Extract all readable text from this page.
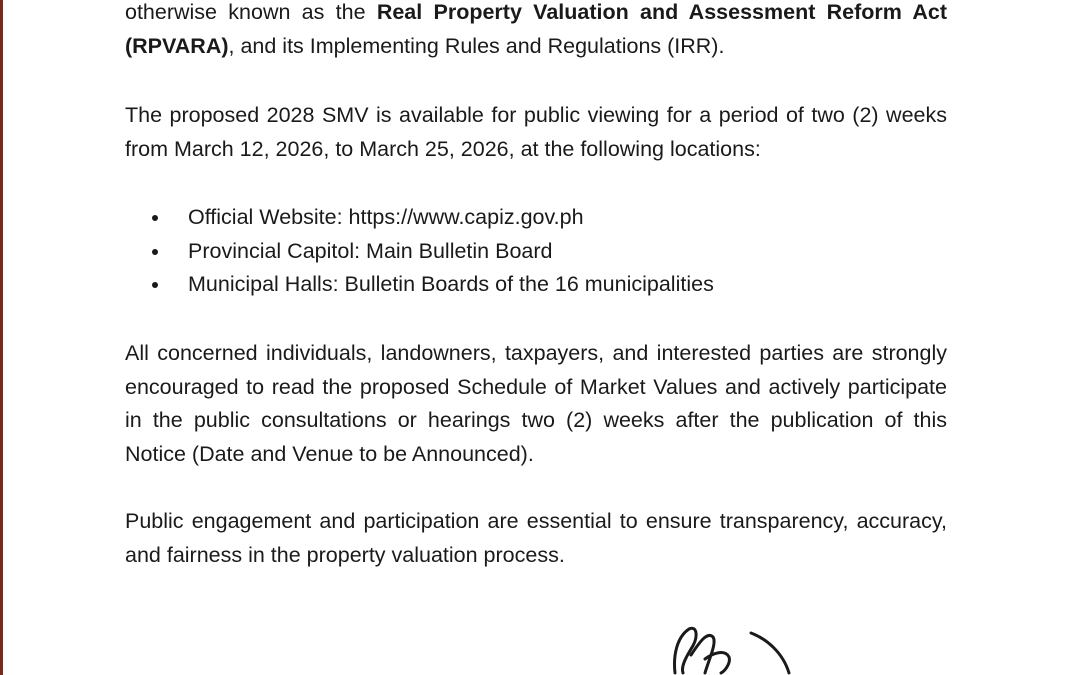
otherwise known as the Real Property Valuation and Assessment Reform Act (RPVARA), and its Implementing Rules and Regulations (IRR).

The proposed 2028 SMV is available for public viewing for a period of two (2) weeks from March 12, 2026, to March 25, 2026, at the following locations:

Official Website: https://www.capiz.gov.ph
Provincial Capitol: Main Bulletin Board
Municipal Halls: Bulletin Boards of the 16 municipalities

All concerned individuals, landowners, taxpayers, and interested parties are strongly encouraged to read the proposed Schedule of Market Values and actively participate in the public consultations or hearings two (2) weeks after the publication of this Notice (Date and Venue to be Announced).

Public engagement and participation are essential to ensure transparency, accuracy, and fairness in the property valuation process.
